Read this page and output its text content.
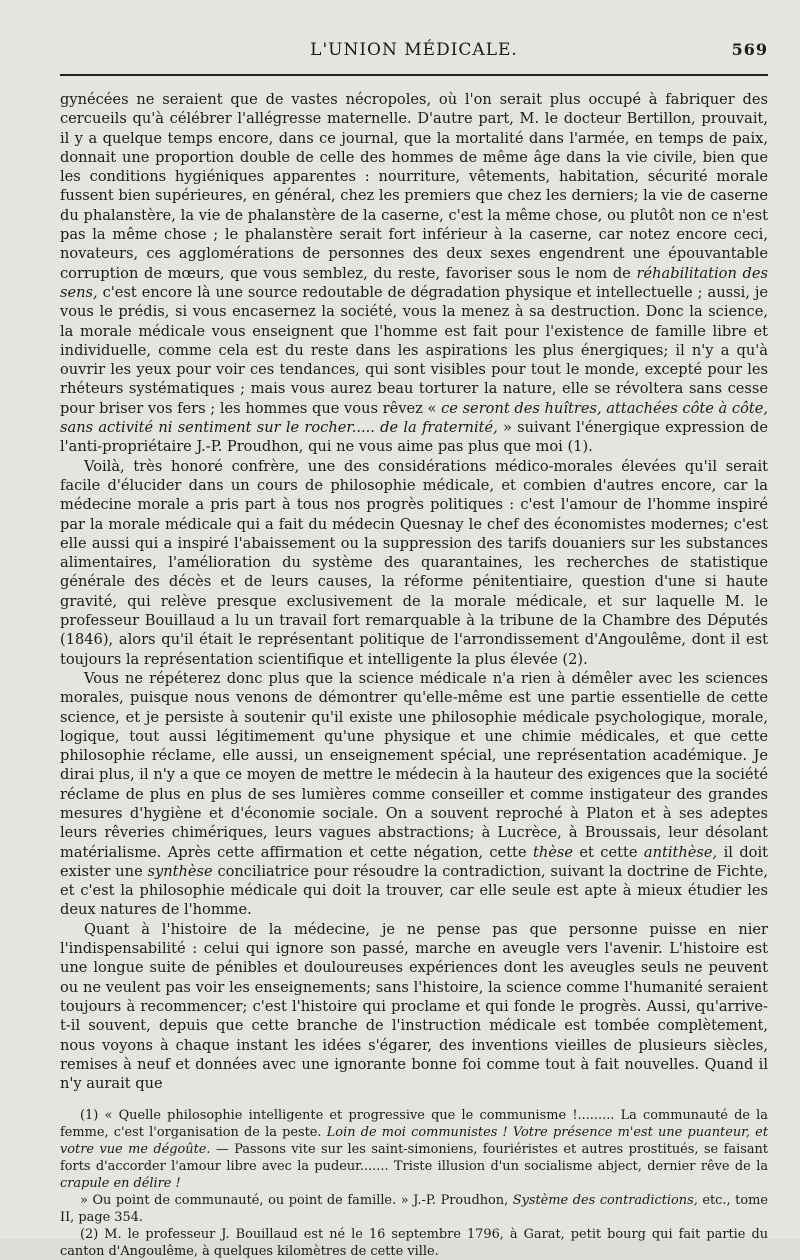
L'UNION MÉDICALE.	569

gynécées ne seraient que de vastes nécropoles, où l'on serait plus occupé à fabriquer des cercueils qu'à célébrer l'allégresse maternelle. D'autre part, M. le docteur Bertillon, prouvait, il y a quelque temps encore, dans ce journal, que la mortalité dans l'armée, en temps de paix, donnait une proportion double de celle des hommes de même âge dans la vie civile, bien que les conditions hygiéniques apparentes : nourriture, vêtements, habitation, sécurité morale fussent bien supérieures, en général, chez les premiers que chez les derniers; la vie de caserne du phalanstère, la vie de phalanstère de la caserne, c'est la même chose, ou plutôt non ce n'est pas la même chose ; le phalanstère serait fort inférieur à la caserne, car notez encore ceci, novateurs, ces agglomérations de personnes des deux sexes engendrent une épouvantable corruption de mœurs, que vous semblez, du reste, favoriser sous le nom de réhabilitation des sens, c'est encore là une source redoutable de dégradation physique et intellectuelle ; aussi, je vous le prédis, si vous encasernez la société, vous la menez à sa destruction. Donc la science, la morale médicale vous enseignent que l'homme est fait pour l'existence de famille libre et individuelle, comme cela est du reste dans les aspirations les plus énergiques; il n'y a qu'à ouvrir les yeux pour voir ces tendances, qui sont visibles pour tout le monde, excepté pour les rhéteurs systématiques ; mais vous aurez beau torturer la nature, elle se révoltera sans cesse pour briser vos fers ; les hommes que vous rêvez « ce seront des huîtres, attachées côte à côte, sans activité ni sentiment sur le rocher..... de la fraternité, » suivant l'énergique expression de l'anti-propriétaire J.-P. Proudhon, qui ne vous aime pas plus que moi (1).

Voilà, très honoré confrère, une des considérations médico-morales élevées qu'il serait facile d'élucider dans un cours de philosophie médicale, et combien d'autres encore, car la médecine morale a pris part à tous nos progrès politiques : c'est l'amour de l'homme inspiré par la morale médicale qui a fait du médecin Quesnay le chef des économistes modernes; c'est elle aussi qui a inspiré l'abaissement ou la suppression des tarifs douaniers sur les substances alimentaires, l'amélioration du système des quarantaines, les recherches de statistique générale des décès et de leurs causes, la réforme pénitentiaire, question d'une si haute gravité, qui relève presque exclusivement de la morale médicale, et sur laquelle M. le professeur Bouillaud a lu un travail fort remarquable à la tribune de la Chambre des Députés (1846), alors qu'il était le représentant politique de l'arrondissement d'Angoulême, dont il est toujours la représentation scientifique et intelligente la plus élevée (2).

Vous ne répéterez donc plus que la science médicale n'a rien à démêler avec les sciences morales, puisque nous venons de démontrer qu'elle-même est une partie essentielle de cette science, et je persiste à soutenir qu'il existe une philosophie médicale psychologique, morale, logique, tout aussi légitimement qu'une physique et une chimie médicales, et que cette philosophie réclame, elle aussi, un enseignement spécial, une représentation académique. Je dirai plus, il n'y a que ce moyen de mettre le médecin à la hauteur des exigences que la société réclame de plus en plus de ses lumières comme conseiller et comme instigateur des grandes mesures d'hygiène et d'économie sociale. On a souvent reproché à Platon et à ses adeptes leurs rêveries chimériques, leurs vagues abstractions; à Lucrèce, à Broussais, leur désolant matérialisme. Après cette affirmation et cette négation, cette thèse et cette antithèse, il doit exister une synthèse conciliatrice pour résoudre la contradiction, suivant la doctrine de Fichte, et c'est la philosophie médicale qui doit la trouver, car elle seule est apte à mieux étudier les deux natures de l'homme.

Quant à l'histoire de la médecine, je ne pense pas que personne puisse en nier l'indispensabilité : celui qui ignore son passé, marche en aveugle vers l'avenir. L'histoire est une longue suite de pénibles et douloureuses expériences dont les aveugles seuls ne peuvent ou ne veulent pas voir les enseignements; sans l'histoire, la science comme l'humanité seraient toujours à recommencer; c'est l'histoire qui proclame et qui fonde le progrès. Aussi, qu'arrive-t-il souvent, depuis que cette branche de l'instruction médicale est tombée complètement, nous voyons à chaque instant les idées s'égarer, des inventions vieilles de plusieurs siècles, remises à neuf et données avec une ignorante bonne foi comme tout à fait nouvelles. Quand il n'y aurait que

(1) « Quelle philosophie intelligente et progressive que le communisme !......... La communauté de la femme, c'est l'organisation de la peste. Loin de moi communistes ! Votre présence m'est une puanteur, et votre vue me dégoûte. — Passons vite sur les saint-simoniens, fouriéristes et autres prostitués, se faisant forts d'accorder l'amour libre avec la pudeur....... Triste illusion d'un socialisme abject, dernier rêve de la crapule en délire !

» Ou point de communauté, ou point de famille. » J.-P. Proudhon, Système des contradictions, etc., tome II, page 354.

(2) M. le professeur J. Bouillaud est né le 16 septembre 1796, à Garat, petit bourg qui fait partie du canton d'Angoulême, à quelques kilomètres de cette ville.
